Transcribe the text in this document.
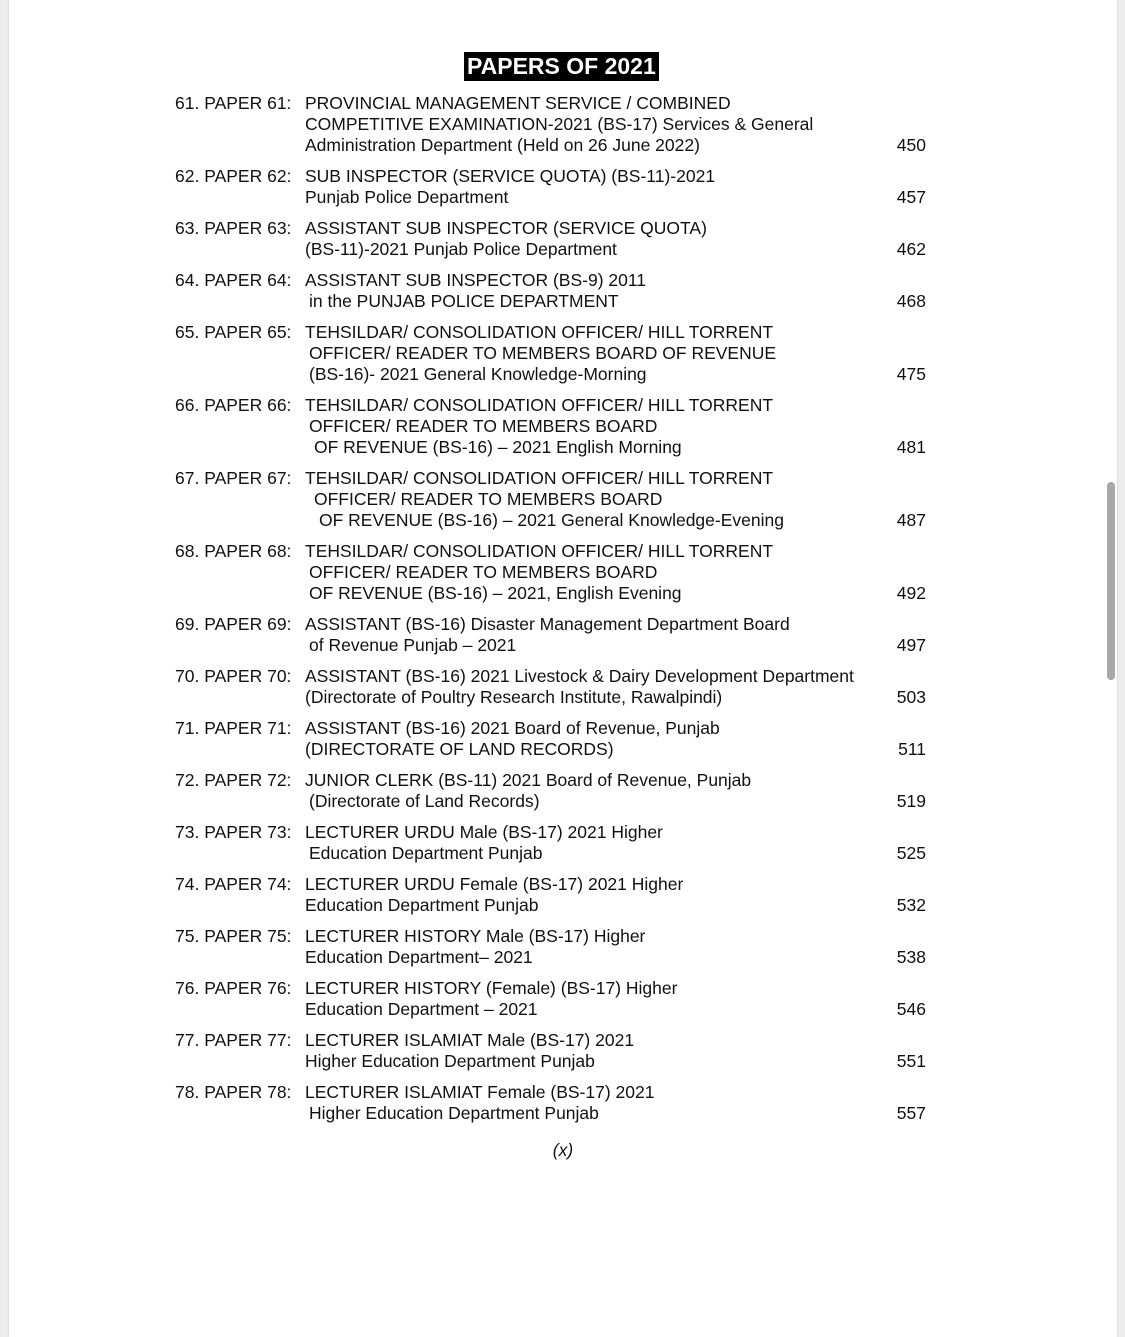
PAPERS OF 2021
61. PAPER 61: PROVINCIAL MANAGEMENT SERVICE / COMBINED
COMPETITIVE EXAMINATION-2021 (BS-17) Services & General
Administration Department (Held on 26 June 2022)	450
62. PAPER 62: SUB INSPECTOR (SERVICE QUOTA) (BS-11)-2021
Punjab Police Department	457
63. PAPER 63: ASSISTANT SUB INSPECTOR (SERVICE QUOTA)
(BS-11)-2021 Punjab Police Department	462
64. PAPER 64: ASSISTANT SUB INSPECTOR (BS-9) 2011
in the PUNJAB POLICE DEPARTMENT	468
65. PAPER 65: TEHSILDAR/ CONSOLIDATION OFFICER/ HILL TORRENT
OFFICER/ READER TO MEMBERS BOARD OF REVENUE
(BS-16)- 2021 General Knowledge-Morning	475
66. PAPER 66: TEHSILDAR/ CONSOLIDATION OFFICER/ HILL TORRENT
OFFICER/ READER TO MEMBERS BOARD
OF REVENUE (BS-16) – 2021 English Morning	481
67. PAPER 67: TEHSILDAR/ CONSOLIDATION OFFICER/ HILL TORRENT
OFFICER/ READER TO MEMBERS BOARD
OF REVENUE (BS-16) – 2021 General Knowledge-Evening	487
68. PAPER 68: TEHSILDAR/ CONSOLIDATION OFFICER/ HILL TORRENT
OFFICER/ READER TO MEMBERS BOARD
OF REVENUE (BS-16) – 2021, English Evening	492
69. PAPER 69: ASSISTANT (BS-16) Disaster Management Department Board
of Revenue Punjab – 2021	497
70. PAPER 70: ASSISTANT (BS-16) 2021 Livestock & Dairy Development Department
(Directorate of Poultry Research Institute, Rawalpindi)	503
71. PAPER 71: ASSISTANT (BS-16) 2021 Board of Revenue, Punjab
(DIRECTORATE OF LAND RECORDS)	511
72. PAPER 72: JUNIOR CLERK (BS-11) 2021 Board of Revenue, Punjab
(Directorate of Land Records)	519
73. PAPER 73: LECTURER URDU Male (BS-17) 2021 Higher
Education Department Punjab	525
74. PAPER 74: LECTURER URDU Female (BS-17) 2021 Higher
Education Department Punjab	532
75. PAPER 75: LECTURER HISTORY Male (BS-17) Higher
Education Department– 2021	538
76. PAPER 76: LECTURER HISTORY (Female) (BS-17) Higher
Education Department – 2021	546
77. PAPER 77: LECTURER ISLAMIAT Male (BS-17) 2021
Higher Education Department Punjab	551
78. PAPER 78: LECTURER ISLAMIAT Female (BS-17) 2021
Higher Education Department Punjab	557
(x)
